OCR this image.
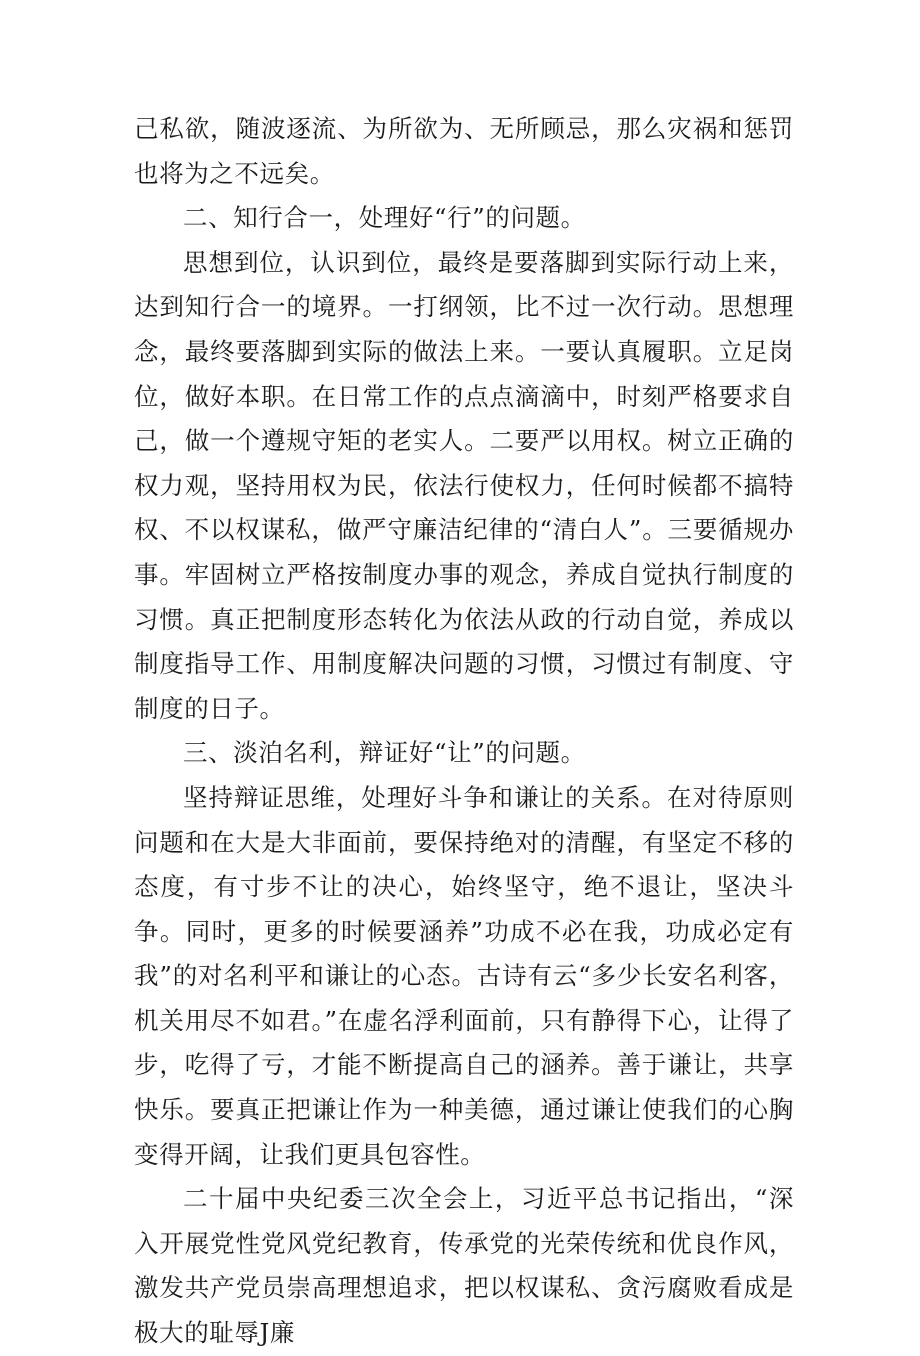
己私欲，随波逐流、为所欲为、无所顾忌，那么灾祸和惩罚也将为之不远矣。

二、知行合一，处理好“行”的问题。

思想到位，认识到位，最终是要落脚到实际行动上来，达到知行合一的境界。一打纲领，比不过一次行动。思想理念，最终要落脚到实际的做法上来。一要认真履职。立足岗位，做好本职。在日常工作的点点滴滴中，时刻严格要求自己，做一个遵规守矩的老实人。二要严以用权。树立正确的权力观，坚持用权为民，依法行使权力，任何时候都不搞特权、不以权谋私，做严守廉洁纪律的“清白人”。三要循规办事。牢固树立严格按制度办事的观念，养成自觉执行制度的习惯。真正把制度形态转化为依法从政的行动自觉，养成以制度指导工作、用制度解决问题的习惯，习惯过有制度、守制度的日子。

三、淡泊名利，辩证好“让”的问题。

坚持辩证思维，处理好斗争和谦让的关系。在对待原则问题和在大是大非面前，要保持绝对的清醒，有坚定不移的态度，有寸步不让的决心，始终坚守，绝不退让，坚决斗争。同时，更多的时候要涵养”功成不必在我，功成必定有我”的对名利平和谦让的心态。古诗有云“多少长安名利客，机关用尽不如君。”在虚名浮利面前，只有静得下心，让得了步，吃得了亏，才能不断提高自己的涵养。善于谦让，共享快乐。要真正把谦让作为一种美德，通过谦让使我们的心胸变得开阔，让我们更具包容性。

二十届中央纪委三次全会上，习近平总书记指出，“深入开展党性党风党纪教育，传承党的光荣传统和优良作风，激发共产党员崇高理想追求，把以权谋私、贪污腐败看成是极大的耻辱J廉
